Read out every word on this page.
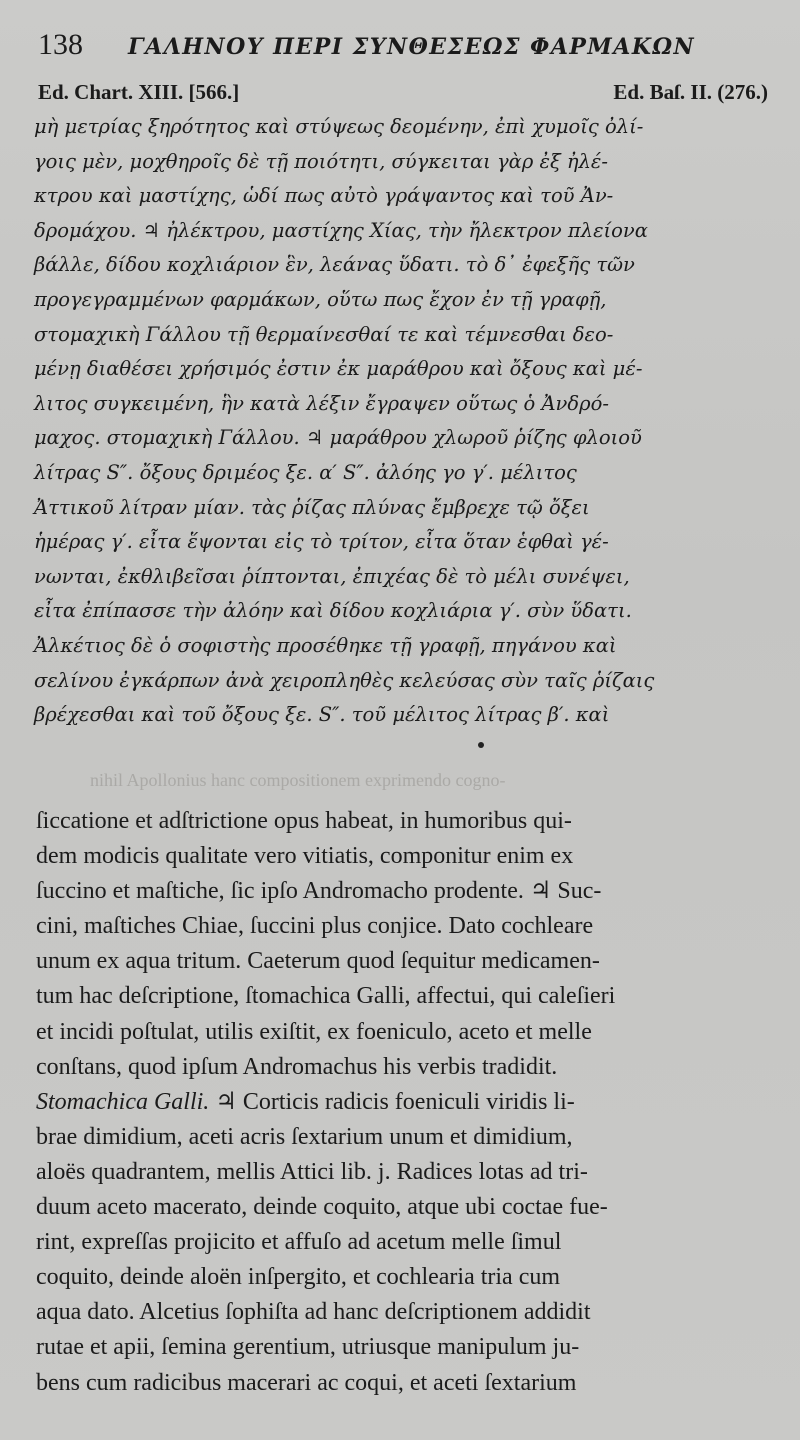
138 ΓΑΛΗΝΟΥ ΠΕΡΙ ΣΥΝΘΕΣΕΩΣ ΦΑΡΜΑΚΩΝ
Ed. Chart. XIII. [566.]	Ed. Baſ. II. (276.)
μὴ μετρίας ξηρότητος καὶ στύψεως δεομένην, ἐπὶ χυμοῖς ὀλί-
γοις μὲν, μοχθηροῖς δὲ τῇ ποιότητι, σύγκειται γὰρ ἐξ ἠλέ-
κτρου καὶ μαστίχης, ὡδί πως αὐτὸ γράψαντος καὶ τοῦ Ἀν-
δρομάχου. ♃ ἠλέκτρου, μαστίχης Χίας, τὴν ἤλεκτρον πλείονα
βάλλε, δίδου κοχλιάριον ἓν, λεάνας ὕδατι. τὸ δ᾽ ἐφεξῆς τῶν
προγεγραμμένων φαρμάκων, οὕτω πως ἔχον ἐν τῇ γραφῇ,
στομαχικὴ Γάλλου τῇ θερμαίνεσθαί τε καὶ τέμνεσθαι δεο-
μένῃ διαθέσει χρήσιμός ἐστιν ἐκ μαράθρου καὶ ὄξους καὶ μέ-
λιτος συγκειμένη, ἣν κατὰ λέξιν ἔγραψεν οὕτως ὁ Ἀνδρό-
μαχος. στομαχικὴ Γάλλου. ♃ μαράθρου χλωροῦ ῥίζης φλοιοῦ
λίτρας S″. ὄξους δριμέος ξε. α′ S″. ἀλόης γο γ′. μέλιτος
Ἀττικοῦ λίτραν μίαν. τὰς ῥίζας πλύνας ἔμβρεχε τῷ ὄξει
ἡμέρας γ′. εἶτα ἕψονται εἰς τὸ τρίτον, εἶτα ὅταν ἑφθαὶ γέ-
νωνται, ἐκθλιβεῖσαι ῥίπτονται, ἐπιχέας δὲ τὸ μέλι συνέψει,
εἶτα ἐπίπασσε τὴν ἀλόην καὶ δίδου κοχλιάρια γ′. σὺν ὕδατι.
Ἀλκέτιος δὲ ὁ σοφιστὴς προσέθηκε τῇ γραφῇ, πηγάνου καὶ
σελίνου ἐγκάρπων ἀνὰ χειροπληθὲς κελεύσας σὺν ταῖς ῥίζαις
βρέχεσθαι καὶ τοῦ ὄξους ξε. S″. τοῦ μέλιτος λίτρας β′. καὶ
nihil Apollonius hanc compositionem exprimendo cogno-
ſiccatione et adſtrictione opus habeat, in humoribus qui-
dem modicis qualitate vero vitiatis, componitur enim ex
ſuccino et maſtiche, ſic ipſo Andromacho prodente. ♃ Suc-
cini, maſtiches Chiae, ſuccini plus conjice. Dato cochleare
unum ex aqua tritum. Caeterum quod ſequitur medicamen-
tum hac deſcriptione, ſtomachica Galli, affectui, qui caleſieri
et incidi poſtulat, utilis exiſtit, ex foeniculo, aceto et melle
conſtans, quod ipſum Andromachus his verbis tradidit.
Stomachica Galli. ♃ Corticis radicis foeniculi viridis li-
brae dimidium, aceti acris ſextarium unum et dimidium,
aloës quadrantem, mellis Attici lib. j. Radices lotas ad tri-
duum aceto macerato, deinde coquito, atque ubi coctae fue-
rint, expreſſas projicito et affuſo ad acetum melle ſimul
coquito, deinde aloën inſpergito, et cochlearia tria cum
aqua dato. Alcetius ſophiſta ad hanc deſcriptionem addidit
rutae et apii, ſemina gerentium, utriusque manipulum ju-
bens cum radicibus macerari ac coqui, et aceti ſextarium
